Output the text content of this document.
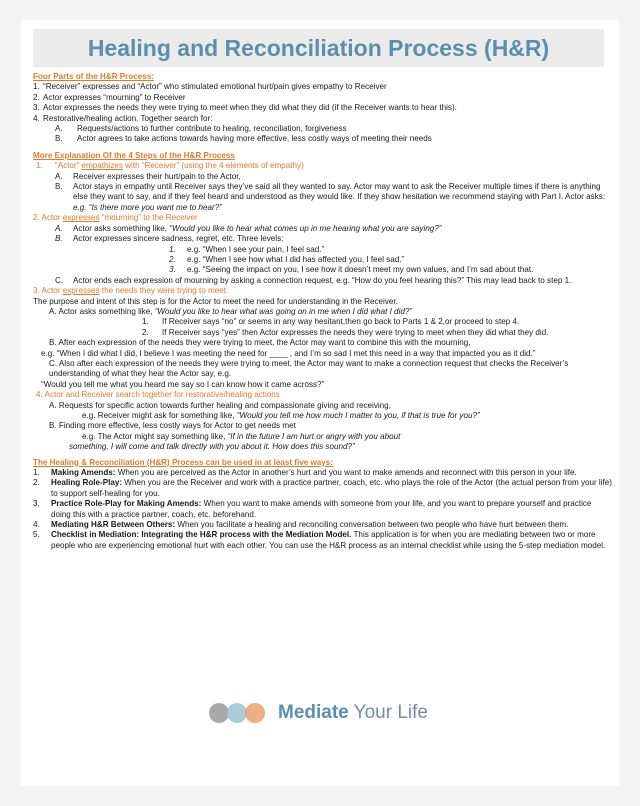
Healing and Reconciliation Process (H&R)
Four Parts of the H&R Process:
1. “Receiver” expresses and “Actor” who stimulated emotional hurt/pain gives empathy to Receiver
2. Actor expresses “mourning” to Receiver
3. Actor expresses the needs they were trying to meet when they did what they did (if the Receiver wants to hear this).
4. Restorative/healing action. Together search for:
A.	Requests/actions to further contribute to healing, reconciliation, forgiveness
B.	Actor agrees to take actions towards having more effective, less costly ways of meeting their needs
More Explanation Of the 4 Steps of the H&R Process
1.	“Actor” empathizes with “Receiver” (using the 4 elements of empathy)
A.	Receiver expresses their hurt/pain to the Actor,
B.	Actor stays in empathy until Receiver says they’ve said all they wanted to say. Actor may want to ask the Receiver multiple times if there is anything else they want to say, and if they feel heard and understood as they would like. If they show hesitation we recommend staying with Part I. Actor asks: e.g. “Is there more you want me to hear?”
2. Actor expresses “mourning” to the Receiver
A.	Actor asks something like, “Would you like to hear what comes up in me hearing what you are saying?”
B.	Actor expresses sincere sadness, regret, etc. Three levels:
1.	e.g. “When I see your pain, I feel sad.”
2.	e.g. “When I see how what I did has affected you, I feel sad.”
3.	e.g. “Seeing the impact on you, I see how it doesn’t meet my own values, and I’m sad about that.
C.	Actor ends each expression of mourning by asking a connection request, e.g. “How do you feel hearing this?” This may lead back to step 1.
3. Actor expresses the needs they were trying to meet.
The purpose and intent of this step is for the Actor to meet the need for understanding in the Receiver.
A. Actor asks something like, “Would you like to hear what was going on in me when I did what I did?”
1.	If Receiver says “no” or seems in any way hesitant,then go back to Parts 1 & 2,or proceed to step 4.
2.	If Receiver says “yes” then Actor expresses the needs they were trying to meet when they did what they did.
B. After each expression of the needs they were trying to meet, the Actor may want to combine this with the mourning,
e.g. “When I did what I did, I believe I was meeting the need for ____ , and I’m so sad I met this need in a way that impacted you as it did.”
C. Also after each expression of the needs they were trying to meet, the Actor may want to make a connection request that checks the Receiver’s understanding of what they hear the Actor say, e.g.
“Would you tell me what you heard me say so I can know how it came across?”
4. Actor and Receiver search together for restorative/healing actions
A. Requests for specific action towards further healing and compassionate giving and receiving,
e.g. Receiver might ask for something like, “Would you tell me how much I matter to you, if that is true for you?”
B. Finding more effective, less costly ways for Actor to get needs met
e.g. The Actor might say something like, “If in the future I am hurt or angry with you about
something, I will come and talk directly with you about it. How does this sound?”
The Healing & Reconciliation (H&R) Process can be used in at least five ways:
1.	Making Amends: When you are perceived as the Actor in another’s hurt and you want to make amends and reconnect with this person in your life.
2.	Healing Role-Play: When you are the Receiver and work with a practice partner, coach, etc. who plays the role of the Actor (the actual person from your life) to support self-healing for you.
3.	Practice Role-Play for Making Amends: When you want to make amends with someone from your life, and you want to prepare yourself and practice doing this with a practice partner, coach, etc. beforehand.
4.	Mediating H&R Between Others: When you facilitate a healing and reconciling conversation between two people who have hurt between them.
5.	Checklist in Mediation: Integrating the H&R process with the Mediation Model. This application is for when you are mediating between two or more people who are experiencing emotional hurt with each other. You can use the H&R process as an internal checklist while using the 5-step mediation model.
Mediate Your Life
